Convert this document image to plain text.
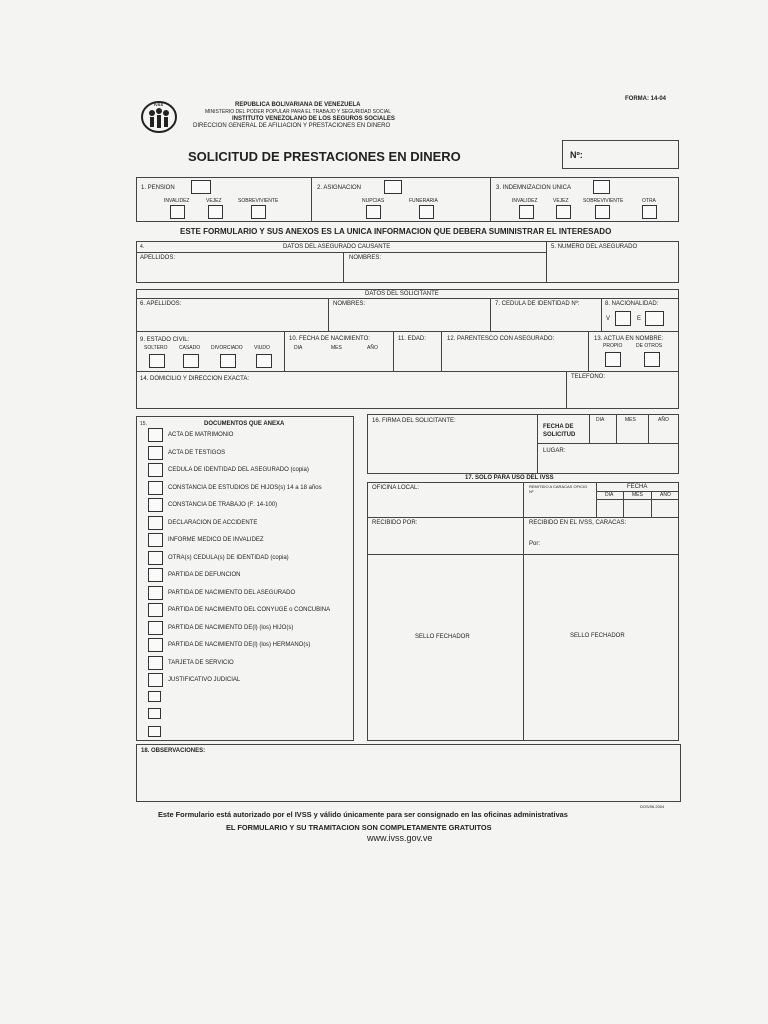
IVSS	REPUBLICA BOLIVARIANA DE VENEZUELA
MINISTERIO DEL PODER POPULAR PARA EL TRABAJO Y SEGURIDAD SOCIAL
INSTITUTO VENEZOLANO DE LOS SEGUROS SOCIALES
DIRECCION GENERAL DE AFILIACION Y PRESTACIONES EN DINERO
FORMA: 14-04
SOLICITUD DE PRESTACIONES EN DINERO	Nº:
1. PENSION
INVALIDEZ	VEJEZ	SOBREVIVIENTE
2. ASIGNACION
NUPCIAS	FUNERARIA
3. INDEMNIZACION UNICA
INVALIDEZ	VEJEZ	SOBREVIVIENTE	OTRA
ESTE FORMULARIO Y SUS ANEXOS ES LA UNICA INFORMACION QUE DEBERA SUMINISTRAR EL INTERESADO
4.	DATOS DEL ASEGURADO CAUSANTE	5. NUMERO DEL ASEGURADO
APELLIDOS:	NOMBRES:
DATOS DEL SOLICITANTE
6. APELLIDOS:	NOMBRES:	7. CEDULA DE IDENTIDAD Nº:	8. NACIONALIDAD:
V	E
9. ESTADO CIVIL:
SOLTERO CASADO DIVORCIADO VIUDO
10. FECHA DE NACIMIENTO:
DIA	MES	AÑO
11. EDAD:	12. PARENTESCO CON ASEGURADO:	13. ACTUA EN NOMBRE:
PROPIO	DE OTROS
14. DOMICILIO Y DIRECCION EXACTA:	TELEFONO:
15.	DOCUMENTOS QUE ANEXA
ACTA DE MATRIMONIO
ACTA DE TESTIGOS
CEDULA DE IDENTIDAD DEL ASEGURADO (copia)
CONSTANCIA DE ESTUDIOS DE HIJOS(s) 14 a 18 años
CONSTANCIA DE TRABAJO (F: 14-100)
DECLARACION DE ACCIDENTE
INFORME MEDICO DE INVALIDEZ
OTRA(s) CEDULA(s) DE IDENTIDAD (copia)
PARTIDA DE DEFUNCION
PARTIDA DE NACIMIENTO DEL ASEGURADO
PARTIDA DE NACIMIENTO DEL CONYUGE o CONCUBINA
PARTIDA DE NACIMIENTO DE(l) (los) HIJO(s)
PARTIDA DE NACIMIENTO DE(l) (los) HERMANO(s)
TARJETA DE SERVICIO
JUSTIFICATIVO JUDICIAL
16. FIRMA DEL SOLICITANTE:
FECHA DE SOLICITUD
DIA	MES	AÑO
LUGAR:
17. SOLO PARA USO DEL IVSS
OFICINA LOCAL:	REMITIDO A CARACAS OFICIO Nº
FECHA
DIA	MES	AÑO
RECIBIDO POR:	RECIBIDO EN EL IVSS, CARACAS:
Por:
SELLO FECHADOR	SELLO FECHADOR
18. OBSERVACIONES:
DOS/06.2004
Este Formulario está autorizado por el IVSS y válido únicamente para ser consignado en las oficinas administrativas
EL FORMULARIO Y SU TRAMITACION SON COMPLETAMENTE GRATUITOS
www.ivss.gov.ve
